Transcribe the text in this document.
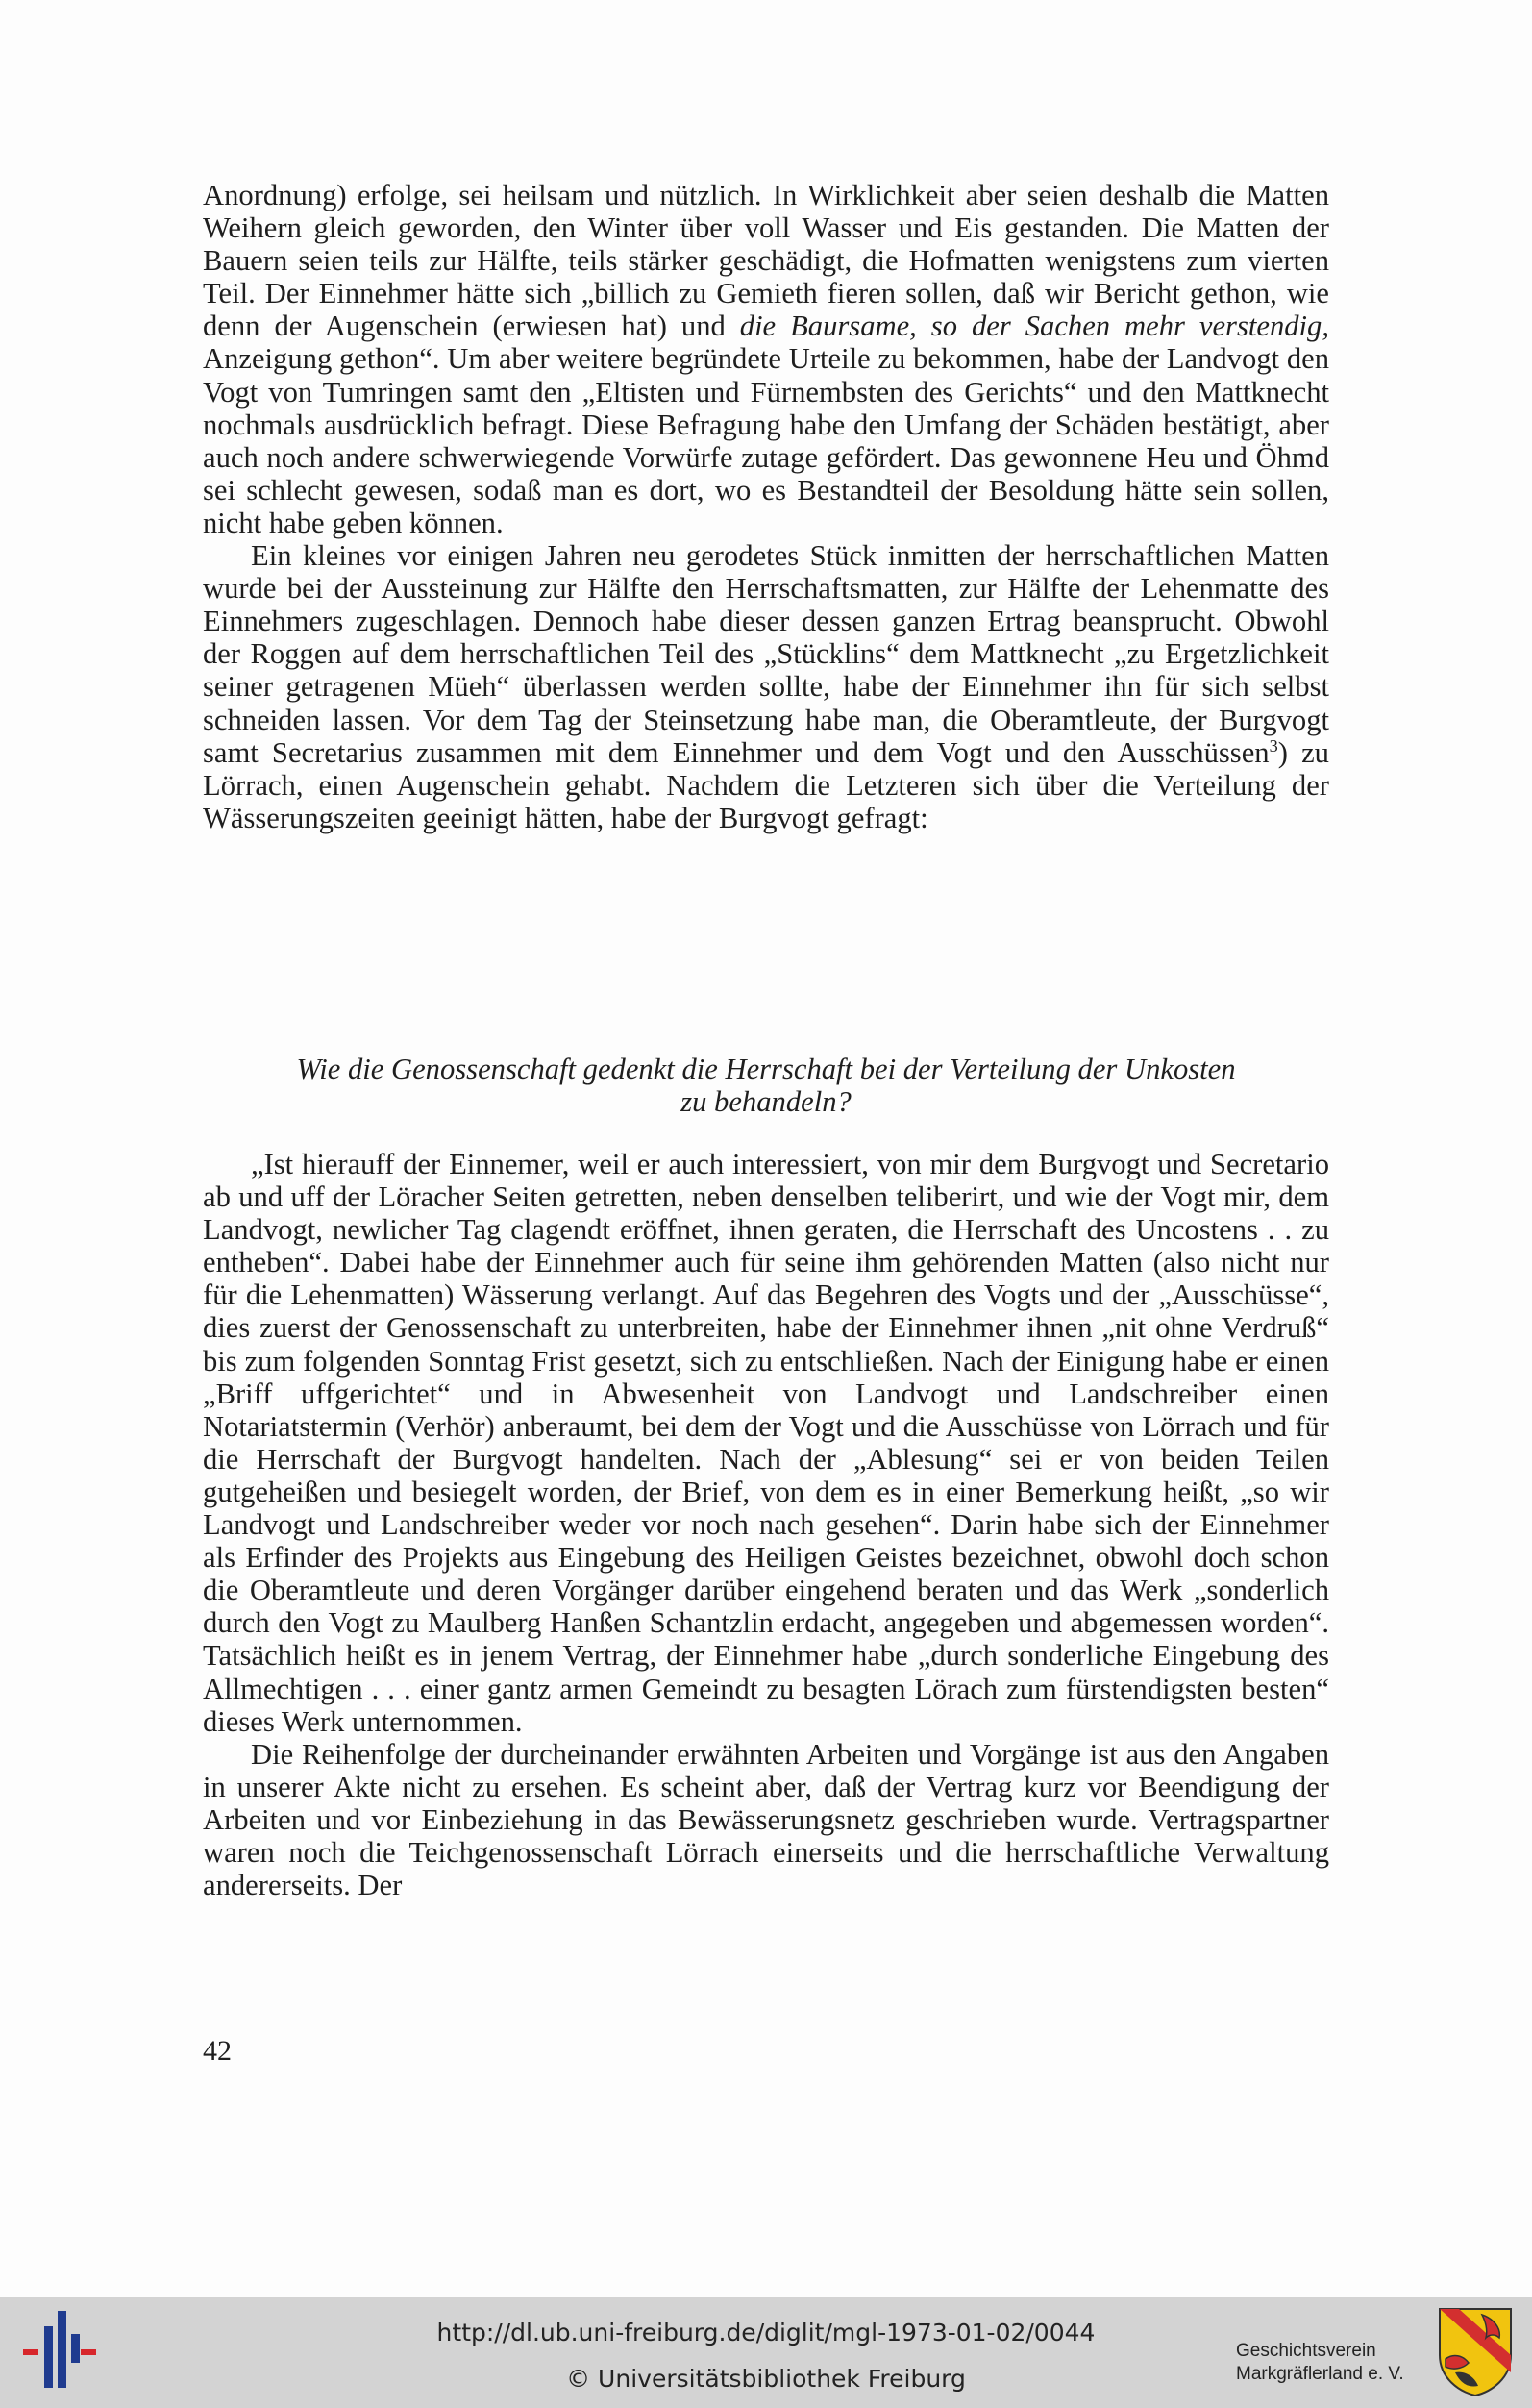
Anordnung) erfolge, sei heilsam und nützlich. In Wirklichkeit aber seien deshalb die Matten Weihern gleich geworden, den Winter über voll Wasser und Eis gestanden. Die Matten der Bauern seien teils zur Hälfte, teils stärker geschädigt, die Hofmatten wenigstens zum vierten Teil. Der Einnehmer hätte sich „billich zu Gemieth fieren sollen, daß wir Bericht gethon, wie denn der Augenschein (erwiesen hat) und die Baursame, so der Sachen mehr verstendig, Anzeigung gethon“. Um aber weitere begründete Urteile zu bekommen, habe der Landvogt den Vogt von Tumringen samt den „Eltisten und Fürnembsten des Gerichts“ und den Mattknecht nochmals ausdrücklich befragt. Diese Befragung habe den Umfang der Schäden bestätigt, aber auch noch andere schwerwiegende Vorwürfe zutage gefördert. Das gewonnene Heu und Öhmd sei schlecht gewesen, sodaß man es dort, wo es Bestandteil der Besoldung hätte sein sollen, nicht habe geben können.

Ein kleines vor einigen Jahren neu gerodetes Stück inmitten der herrschaftlichen Matten wurde bei der Aussteinung zur Hälfte den Herrschaftsmatten, zur Hälfte der Lehenmatte des Einnehmers zugeschlagen. Dennoch habe dieser dessen ganzen Ertrag beansprucht. Obwohl der Roggen auf dem herrschaftlichen Teil des „Stücklins“ dem Mattknecht „zu Ergetzlichkeit seiner getragenen Müeh“ überlassen werden sollte, habe der Einnehmer ihn für sich selbst schneiden lassen. Vor dem Tag der Steinsetzung habe man, die Oberamtleute, der Burgvogt samt Secretarius zusammen mit dem Einnehmer und dem Vogt und den Ausschüssen$^3$) zu Lörrach, einen Augenschein gehabt. Nachdem die Letzteren sich über die Verteilung der Wässerungszeiten geeinigt hätten, habe der Burgvogt gefragt:

Wie die Genossenschaft gedenkt die Herrschaft bei der Verteilung der Unkosten
zu behandeln?

„Ist hierauff der Einnemer, weil er auch interessiert, von mir dem Burgvogt und Secretario ab und uff der Löracher Seiten getretten, neben denselben teliberirt, und wie der Vogt mir, dem Landvogt, newlicher Tag clagendt eröffnet, ihnen geraten, die Herrschaft des Uncostens . . zu entheben“. Dabei habe der Einnehmer auch für seine ihm gehörenden Matten (also nicht nur für die Lehenmatten) Wässerung verlangt. Auf das Begehren des Vogts und der „Ausschüsse“, dies zuerst der Genossenschaft zu unterbreiten, habe der Einnehmer ihnen „nit ohne Verdruß“ bis zum folgenden Sonntag Frist gesetzt, sich zu entschließen. Nach der Einigung habe er einen „Briff uffgerichtet“ und in Abwesenheit von Landvogt und Landschreiber einen Notariatstermin (Verhör) anberaumt, bei dem der Vogt und die Ausschüsse von Lörrach und für die Herrschaft der Burgvogt handelten. Nach der „Ablesung“ sei er von beiden Teilen gutgeheißen und besiegelt worden, der Brief, von dem es in einer Bemerkung heißt, „so wir Landvogt und Landschreiber weder vor noch nach gesehen“. Darin habe sich der Einnehmer als Erfinder des Projekts aus Eingebung des Heiligen Geistes bezeichnet, obwohl doch schon die Oberamtleute und deren Vorgänger darüber eingehend beraten und das Werk „sonderlich durch den Vogt zu Maulberg Hanßen Schantzlin erdacht, angegeben und abgemessen worden“. Tatsächlich heißt es in jenem Vertrag, der Einnehmer habe „durch sonderliche Eingebung des Allmechtigen . . . einer gantz armen Gemeindt zu besagten Lörach zum fürstendigsten besten“ dieses Werk unternommen.

Die Reihenfolge der durcheinander erwähnten Arbeiten und Vorgänge ist aus den Angaben in unserer Akte nicht zu ersehen. Es scheint aber, daß der Vertrag kurz vor Beendigung der Arbeiten und vor Einbeziehung in das Bewässerungsnetz geschrieben wurde. Vertragspartner waren noch die Teichgenossenschaft Lörrach einerseits und die herrschaftliche Verwaltung andererseits. Der

42
http://dl.ub.uni-freiburg.de/diglit/mgl-1973-01-02/0044
© Universitätsbibliothek Freiburg
Geschichtsverein
Markgräflerland e. V.
